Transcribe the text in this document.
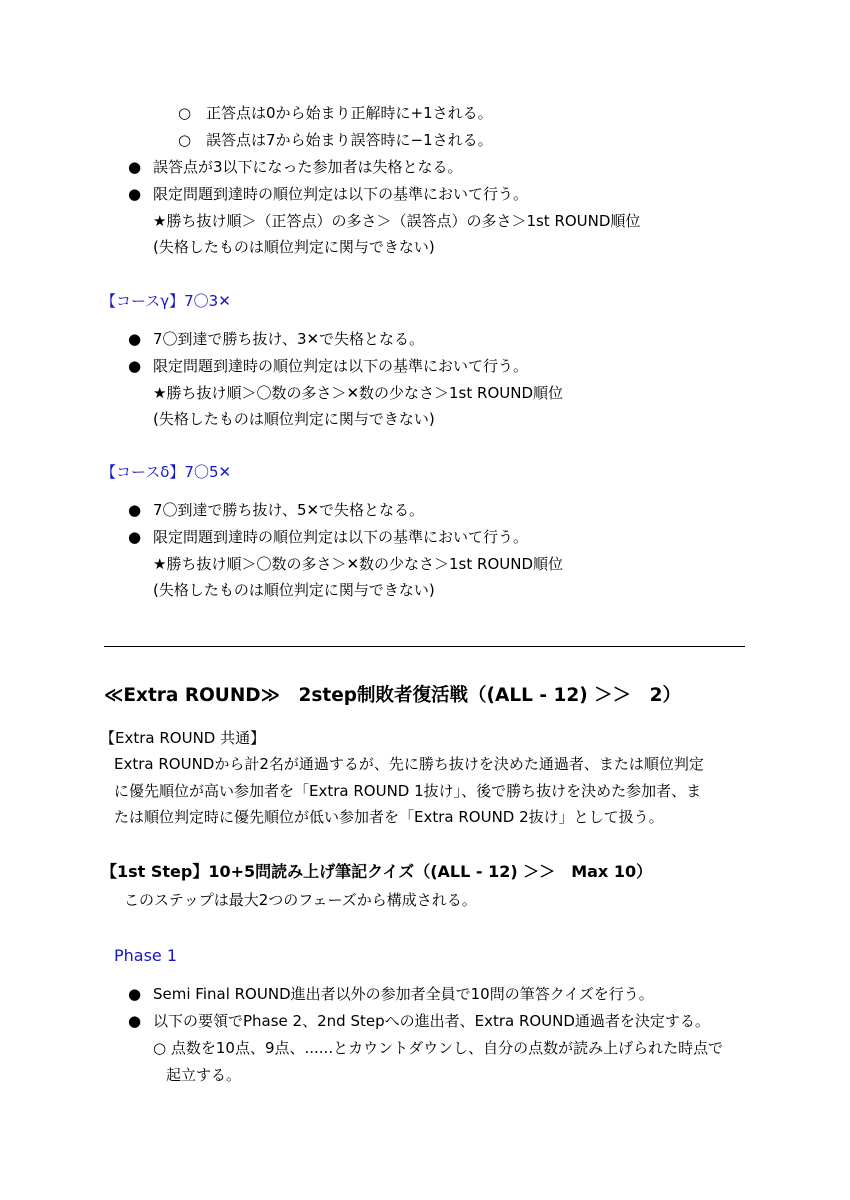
○ 正答点は0から始まり正解時に+1される。
○ 誤答点は7から始まり誤答時に−1される。
● 誤答点が3以下になった参加者は失格となる。
● 限定問題到達時の順位判定は以下の基準において行う。
★勝ち抜け順＞（正答点）の多さ＞（誤答点）の多さ＞1st ROUND順位
(失格したものは順位判定に関与できない)
【コースγ】7〇3✕
● 7〇到達で勝ち抜け、3✕で失格となる。
● 限定問題到達時の順位判定は以下の基準において行う。
★勝ち抜け順＞〇数の多さ＞✕数の少なさ＞1st ROUND順位
(失格したものは順位判定に関与できない)
【コースδ】7〇5✕
● 7〇到達で勝ち抜け、5✕で失格となる。
● 限定問題到達時の順位判定は以下の基準において行う。
★勝ち抜け順＞〇数の多さ＞✕数の少なさ＞1st ROUND順位
(失格したものは順位判定に関与できない)
≪Extra ROUND≫　2step制敗者復活戦（(ALL - 12) ＞＞　2）
【Extra ROUND 共通】
Extra ROUNDから計2名が通過するが、先に勝ち抜けを決めた通過者、または順位判定
に優先順位が高い参加者を「Extra ROUND 1抜け」、後で勝ち抜けを決めた参加者、ま
たは順位判定時に優先順位が低い参加者を「Extra ROUND 2抜け」として扱う。
【1st Step】10+5問読み上げ筆記クイズ（(ALL - 12) ＞＞　Max 10）
このステップは最大2つのフェーズから構成される。
Phase 1
● Semi Final ROUND進出者以外の参加者全員で10問の筆答クイズを行う。
● 以下の要領でPhase 2、2nd Stepへの進出者、Extra ROUND通過者を決定する。
○ 点数を10点、9点、......とカウントダウンし、自分の点数が読み上げられた時点で
起立する。
